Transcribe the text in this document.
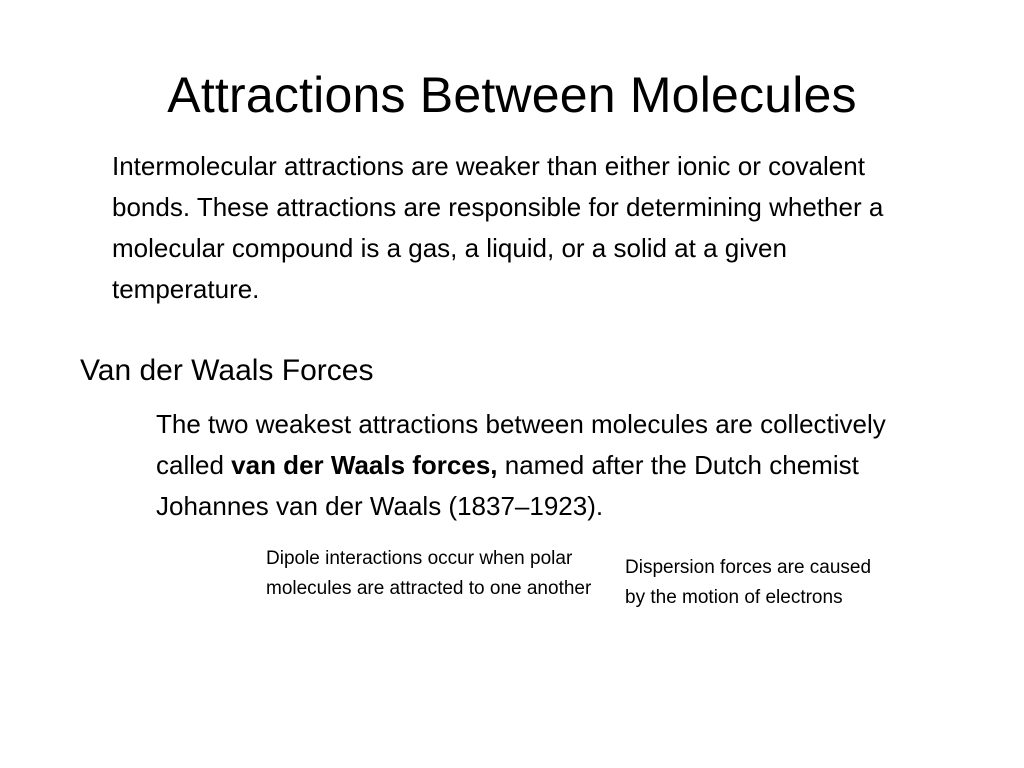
Attractions Between Molecules

Intermolecular attractions are weaker than either ionic or covalent bonds. These attractions are responsible for determining whether a molecular compound is a gas, a liquid, or a solid at a given temperature.

Van der Waals Forces

The two weakest attractions between molecules are collectively called van der Waals forces, named after the Dutch chemist Johannes van der Waals (1837–1923).

Dipole interactions occur when polar molecules are attracted to one another

Dispersion forces are caused by the motion of electrons
